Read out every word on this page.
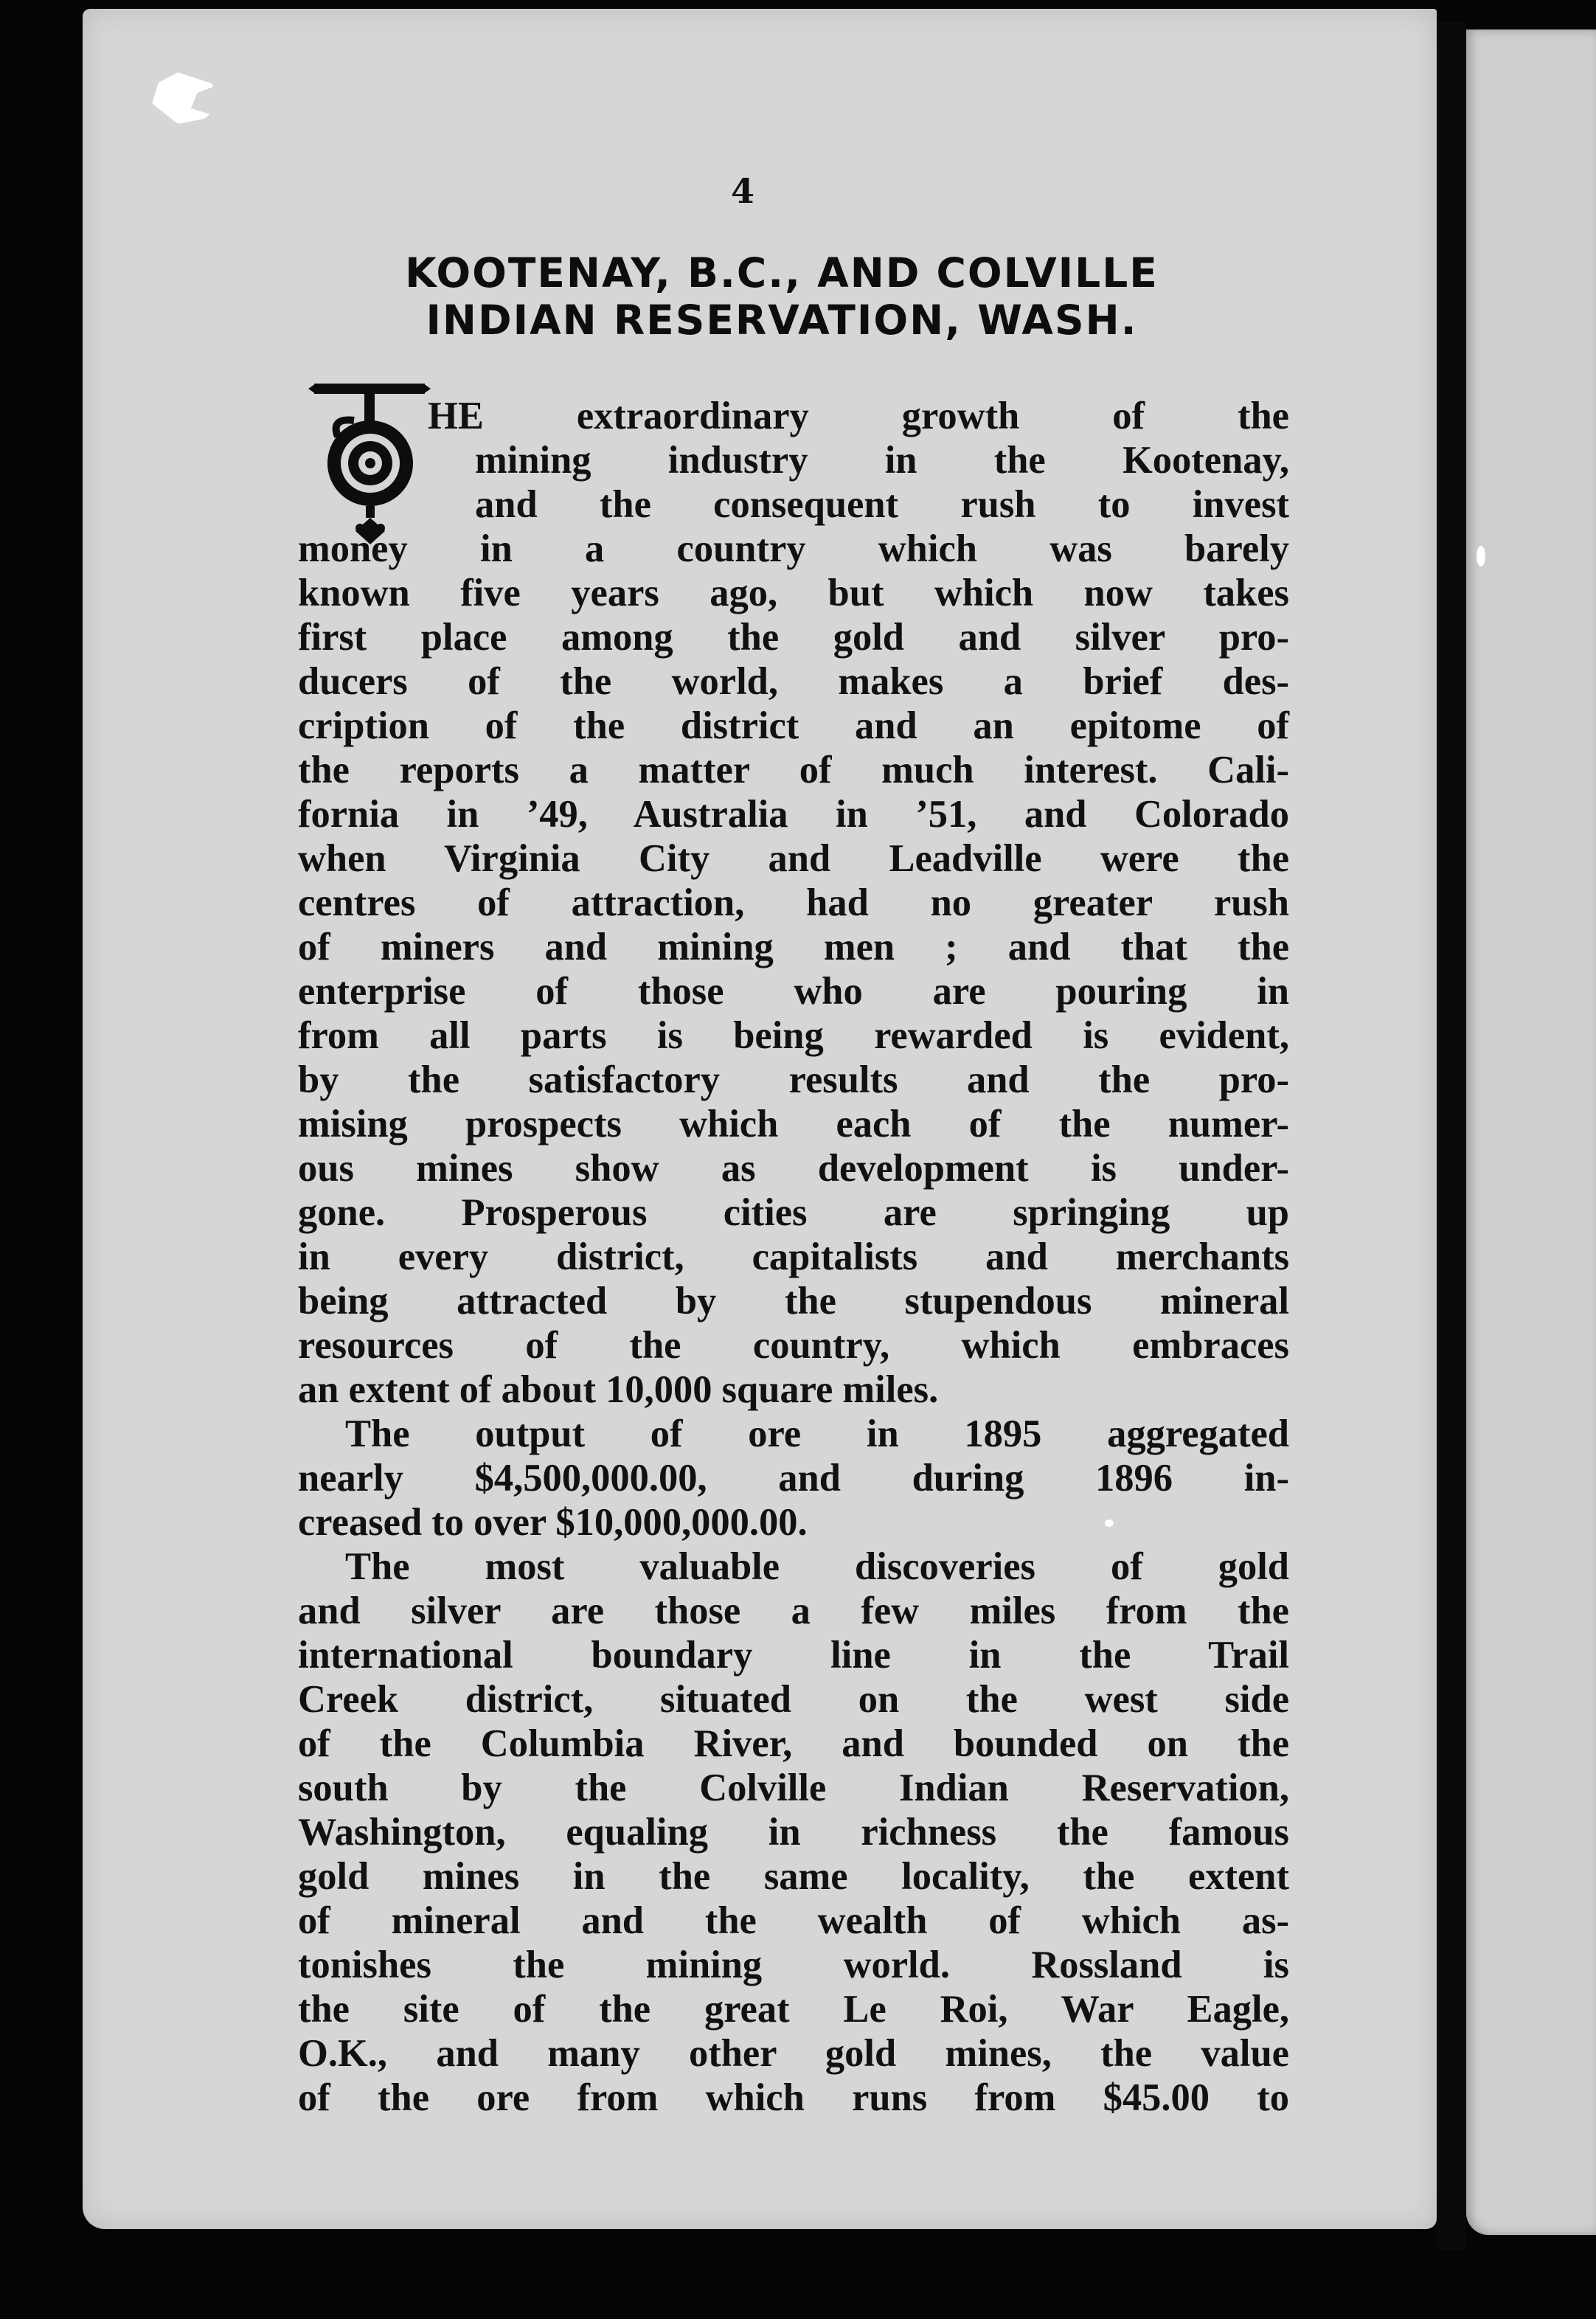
4
KOOTENAY, B.C., AND COLVILLE
INDIAN RESERVATION, WASH.
HE extraordinary growth of the
mining industry in the Kootenay,
and the consequent rush to invest
money in a country which was barely
known five years ago, but which now takes
first place among the gold and silver pro-
ducers of the world, makes a brief des-
cription of the district and an epitome of
the reports a matter of much interest. Cali-
fornia in ’49, Australia in ’51, and Colorado
when Virginia City and Leadville were the
centres of attraction, had no greater rush
of miners and mining men ; and that the
enterprise of those who are pouring in
from all parts is being rewarded is evident,
by the satisfactory results and the pro-
mising prospects which each of the numer-
ous mines show as development is under-
gone. Prosperous cities are springing up
in every district, capitalists and merchants
being attracted by the stupendous mineral
resources of the country, which embraces
an extent of about 10,000 square miles.
The output of ore in 1895 aggregated
nearly $4,500,000.00, and during 1896 in-
creased to over $10,000,000.00.
The most valuable discoveries of gold
and silver are those a few miles from the
international boundary line in the Trail
Creek district, situated on the west side
of the Columbia River, and bounded on the
south by the Colville Indian Reservation,
Washington, equaling in richness the famous
gold mines in the same locality, the extent
of mineral and the wealth of which as-
tonishes the mining world. Rossland is
the site of the great Le Roi, War Eagle,
O.K., and many other gold mines, the value
of the ore from which runs from $45.00 to
